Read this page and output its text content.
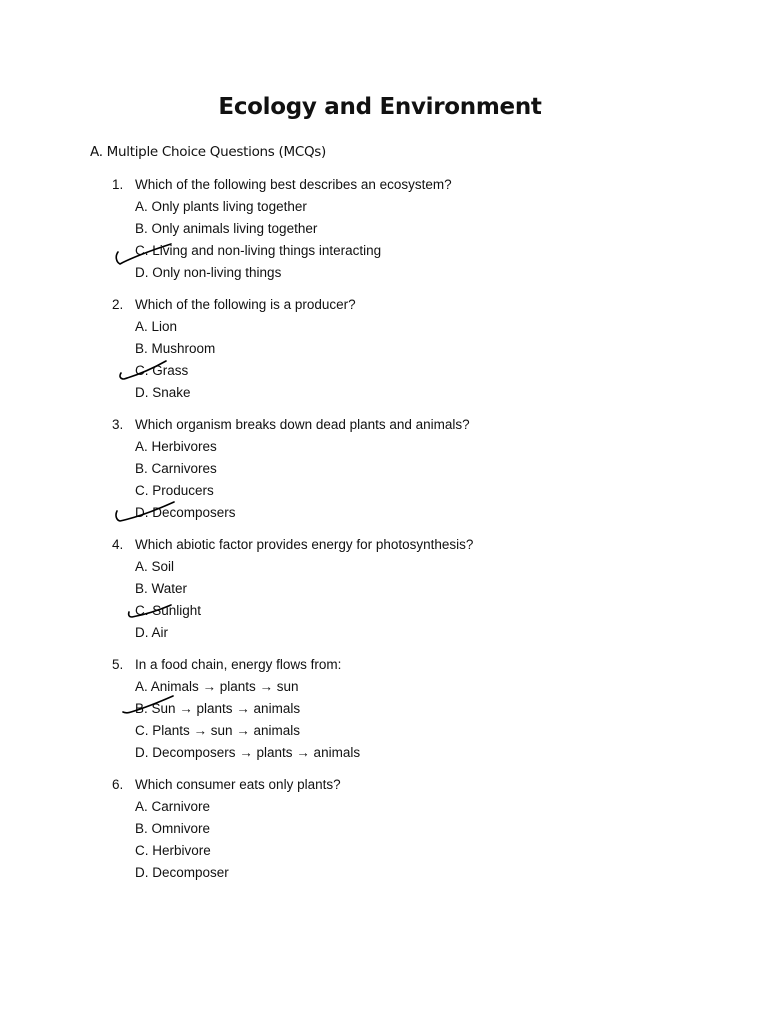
Ecology and Environment
A. Multiple Choice Questions (MCQs)
1. Which of the following best describes an ecosystem?
A. Only plants living together
B. Only animals living together
C. Living and non-living things interacting
D. Only non-living things
2. Which of the following is a producer?
A. Lion
B. Mushroom
C. Grass
D. Snake
3. Which organism breaks down dead plants and animals?
A. Herbivores
B. Carnivores
C. Producers
D. Decomposers
4. Which abiotic factor provides energy for photosynthesis?
A. Soil
B. Water
C. Sunlight
D. Air
5. In a food chain, energy flows from:
A. Animals → plants → sun
B. Sun → plants → animals
C. Plants → sun → animals
D. Decomposers → plants → animals
6. Which consumer eats only plants?
A. Carnivore
B. Omnivore
C. Herbivore
D. Decomposer
